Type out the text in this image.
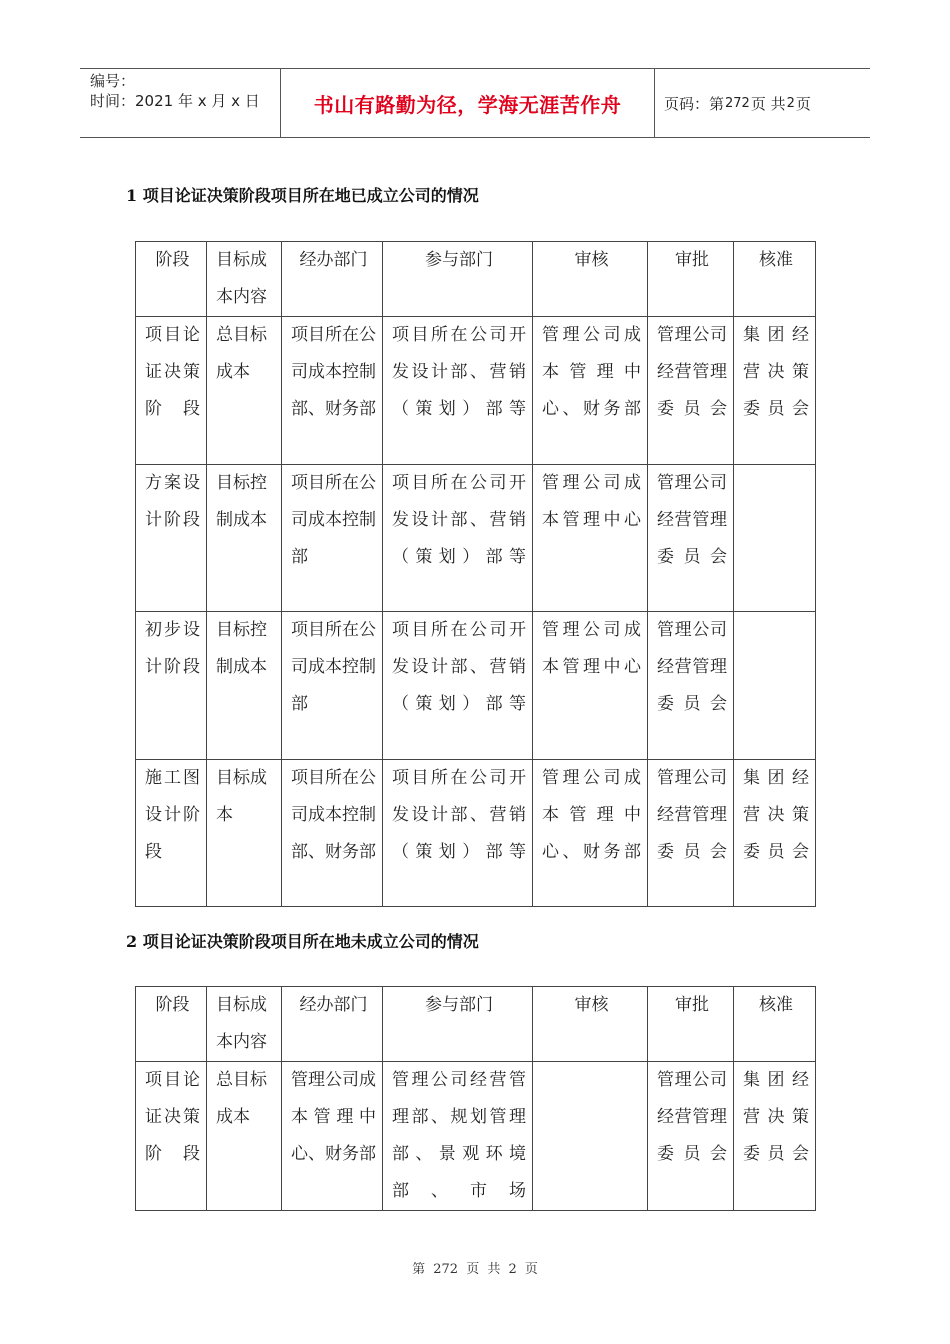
编号：
时间：2021 年 x 月 x 日	书山有路勤为径，学海无涯苦作舟	页码：第 272 页 共 2 页
1 项目论证决策阶段项目所在地已成立公司的情况
阶段	目标成本内容	经办部门	参与部门	审核	审批	核准
项目论证决策阶段	总目标成本	项目所在公司成本控制部、财务部	项目所在公司开发设计部、营销（策划）部等	管理公司成本管理中心、财务部	管理公司经营管理委员会	集团经营决策委员会
方案设计阶段	目标控制成本	项目所在公司成本控制部	项目所在公司开发设计部、营销（策划）部等	管理公司成本管理中心	管理公司经营管理委员会	
初步设计阶段	目标控制成本	项目所在公司成本控制部	项目所在公司开发设计部、营销（策划）部等	管理公司成本管理中心	管理公司经营管理委员会	
施工图设计阶段	目标成本	项目所在公司成本控制部、财务部	项目所在公司开发设计部、营销（策划）部等	管理公司成本管理中心、财务部	管理公司经营管理委员会	集团经营决策委员会
2 项目论证决策阶段项目所在地未成立公司的情况
阶段	目标成本内容	经办部门	参与部门	审核	审批	核准
项目论证决策阶段	总目标成本	管理公司成本管理中心、财务部	管理公司经营管理部、规划管理部、景观环境部、市场		管理公司经营管理委员会	集团经营决策委员会
第 272 页 共 2 页
